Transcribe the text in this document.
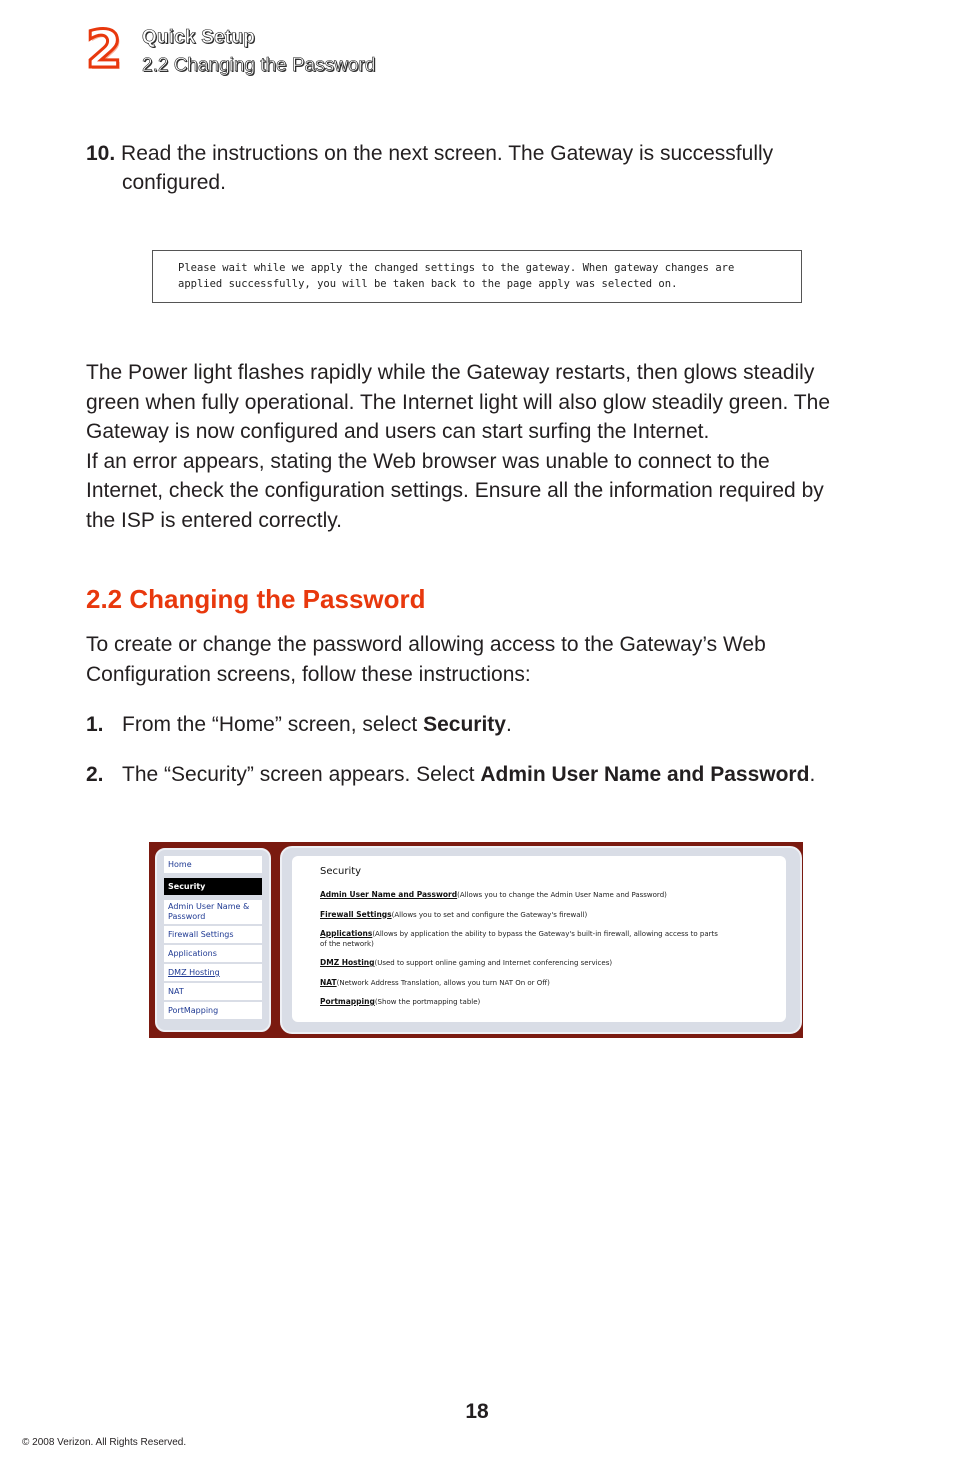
2 Quick Setup
2.2 Changing the Password
10. Read the instructions on the next screen. The Gateway is successfully
configured.
Please wait while we apply the changed settings to the gateway. When gateway changes are
applied successfully, you will be taken back to the page apply was selected on.
The Power light flashes rapidly while the Gateway restarts, then glows steadily
green when fully operational. The Internet light will also glow steadily green. The
Gateway is now configured and users can start surfing the Internet.
If an error appears, stating the Web browser was unable to connect to the
Internet, check the configuration settings. Ensure all the information required by
the ISP is entered correctly.
2.2 Changing the Password
To create or change the password allowing access to the Gateway’s Web
Configuration screens, follow these instructions:
1. From the “Home” screen, select Security.
2. The “Security” screen appears. Select Admin User Name and Password.
Home
Security
Admin User Name &
Password
Firewall Settings
Applications
DMZ Hosting
NAT
PortMapping
Security
Admin User Name and Password(Allows you to change the Admin User Name and Password)
Firewall Settings(Allows you to set and configure the Gateway's firewall)
Applications(Allows by application the ability to bypass the Gateway's built-in firewall, allowing access to parts
of the network)
DMZ Hosting(Used to support online gaming and Internet conferencing services)
NAT(Network Address Translation, allows you turn NAT On or Off)
Portmapping(Show the portmapping table)
18
© 2008 Verizon. All Rights Reserved.
